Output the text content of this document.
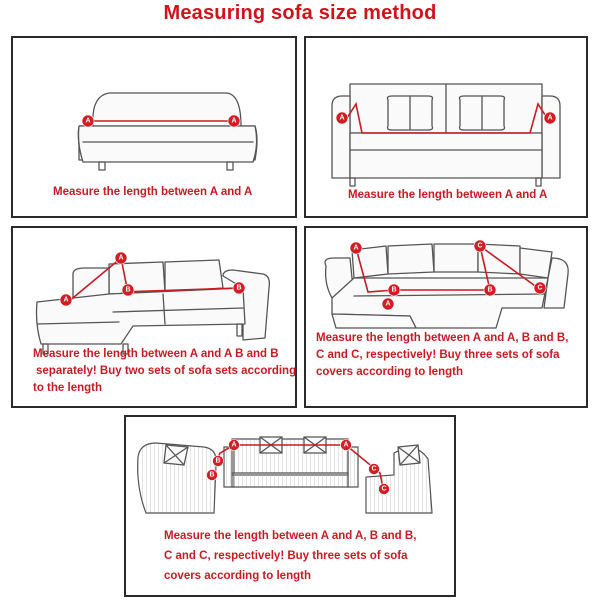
Measuring sofa size method
A	A
Measure the length between A and A
A	A
Measure the length between A and A
A
A
B	B
Measure the length between A and A B and B
separately! Buy two sets of sofa sets according
to the length
A
A
B	B
C
C
Measure the length between A and A, B and B,
C and C, respectively! Buy three sets of sofa
covers according to length
A	A
B
B
C
C
Measure the length between A and A, B and B,
C and C, respectively! Buy three sets of sofa
covers according to length
